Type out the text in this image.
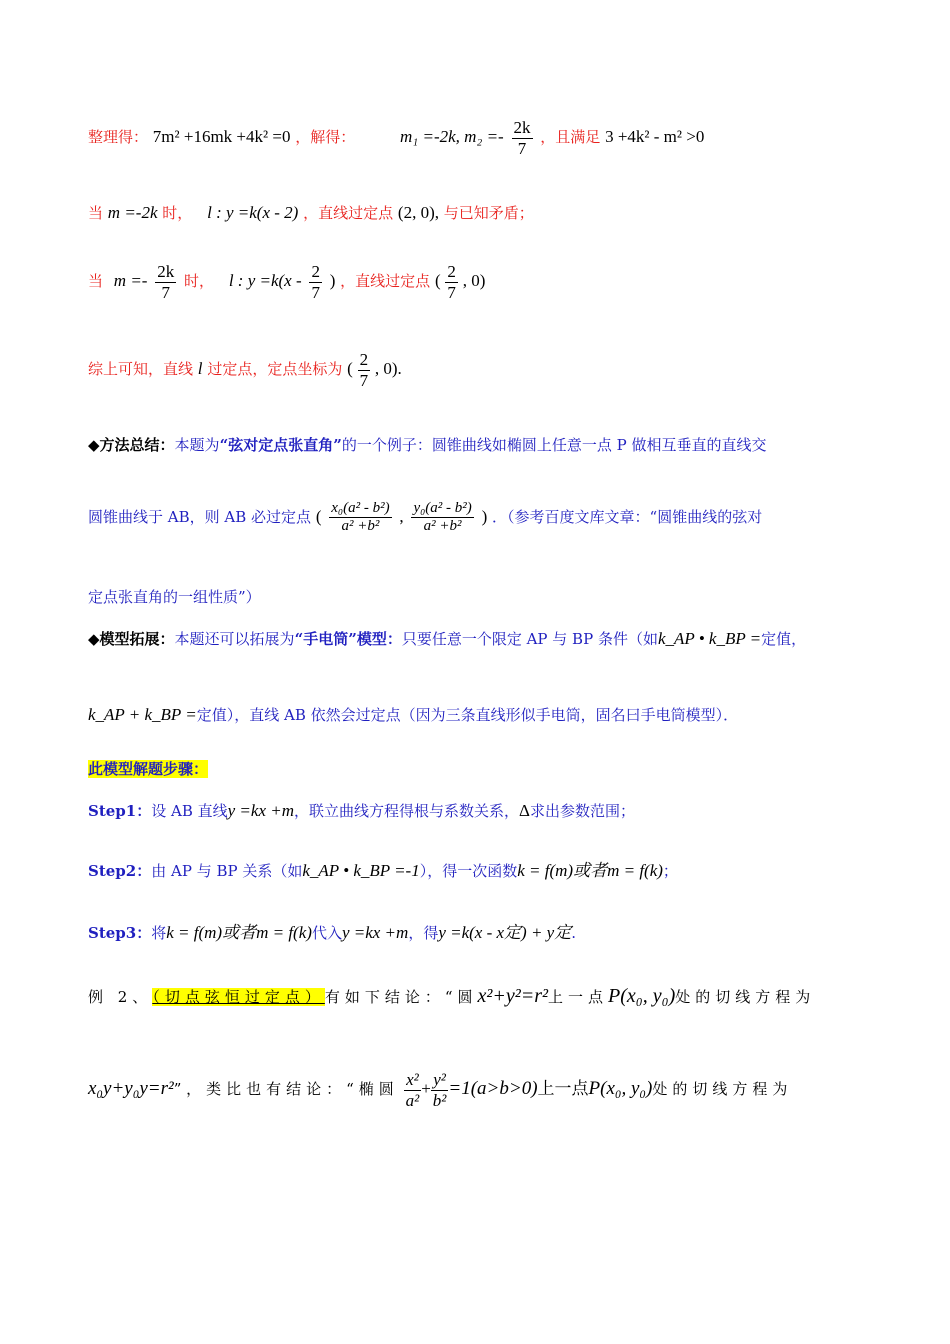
整理得： 7m² +16mk +4k² =0 ，解得：	m₁ =-2k, $m_2 =- \frac{2k}{7}$ ，且满足 3 +4k² - m² >0
当 m =-2k 时， l : y =k(x - 2) ，直线过定点 (2, 0), 与已知矛盾；
当 $m =- \frac{2k}{7}$ 时， l : $y =k(x - \frac{2}{7}$ ) ，直线过定点 ( $\frac{2}{7}$ , 0)
综上可知，直线 l 过定点，定点坐标为 ( $\frac{2}{7}$ , 0).
◆方法总结：本题为“弦对定点张直角”的一个例子：圆锥曲线如椭圆上任意一点 P 做相互垂直的直线交
圆锥曲线于 AB，则 AB 必过定点 ( $\frac{\text{x₀(a² - b²)}}{\text{a² +b²}}$ , $\frac{\text{y₀(a² - b²)}}{\text{a² +b²}}$ ) ．（参考百度文库文章：“圆锥曲线的弦对
定点张直角的一组性质”）
◆模型拓展：本题还可以拓展为“手电筒”模型：只要任意一个限定 AP 与 BP 条件（如k_AP • k_BP =定值，
k_AP + k_BP =定值），直线 AB 依然会过定点（因为三条直线形似手电筒，固名曰手电筒模型）．
此模型解题步骤：
Step1：设 AB 直线y =kx +m，联立曲线方程得根与系数关系，Δ求出参数范围；
Step2：由 AP 与 BP 关系（如k_AP • k_BP =-1），得一次函数k = f(m)或者m = f(k)；
Step3：将k = f(m)或者m = f(k)代入y =kx +m，得y =k(x - x定) + y定.
例 2、（切点弦恒过定点）有如下结论：“圆x²+y²=r²上一点P(x₀, y₀)处的切线方程为
x₀y+y₀y=r²” ，类比也有结论：“椭圆 $\frac{\text{x²}}{\text{a²}} + \frac{\text{y²}}{\text{b²}} =1(a>b>0)$上一点P(x₀, y₀)处的切线方程为
